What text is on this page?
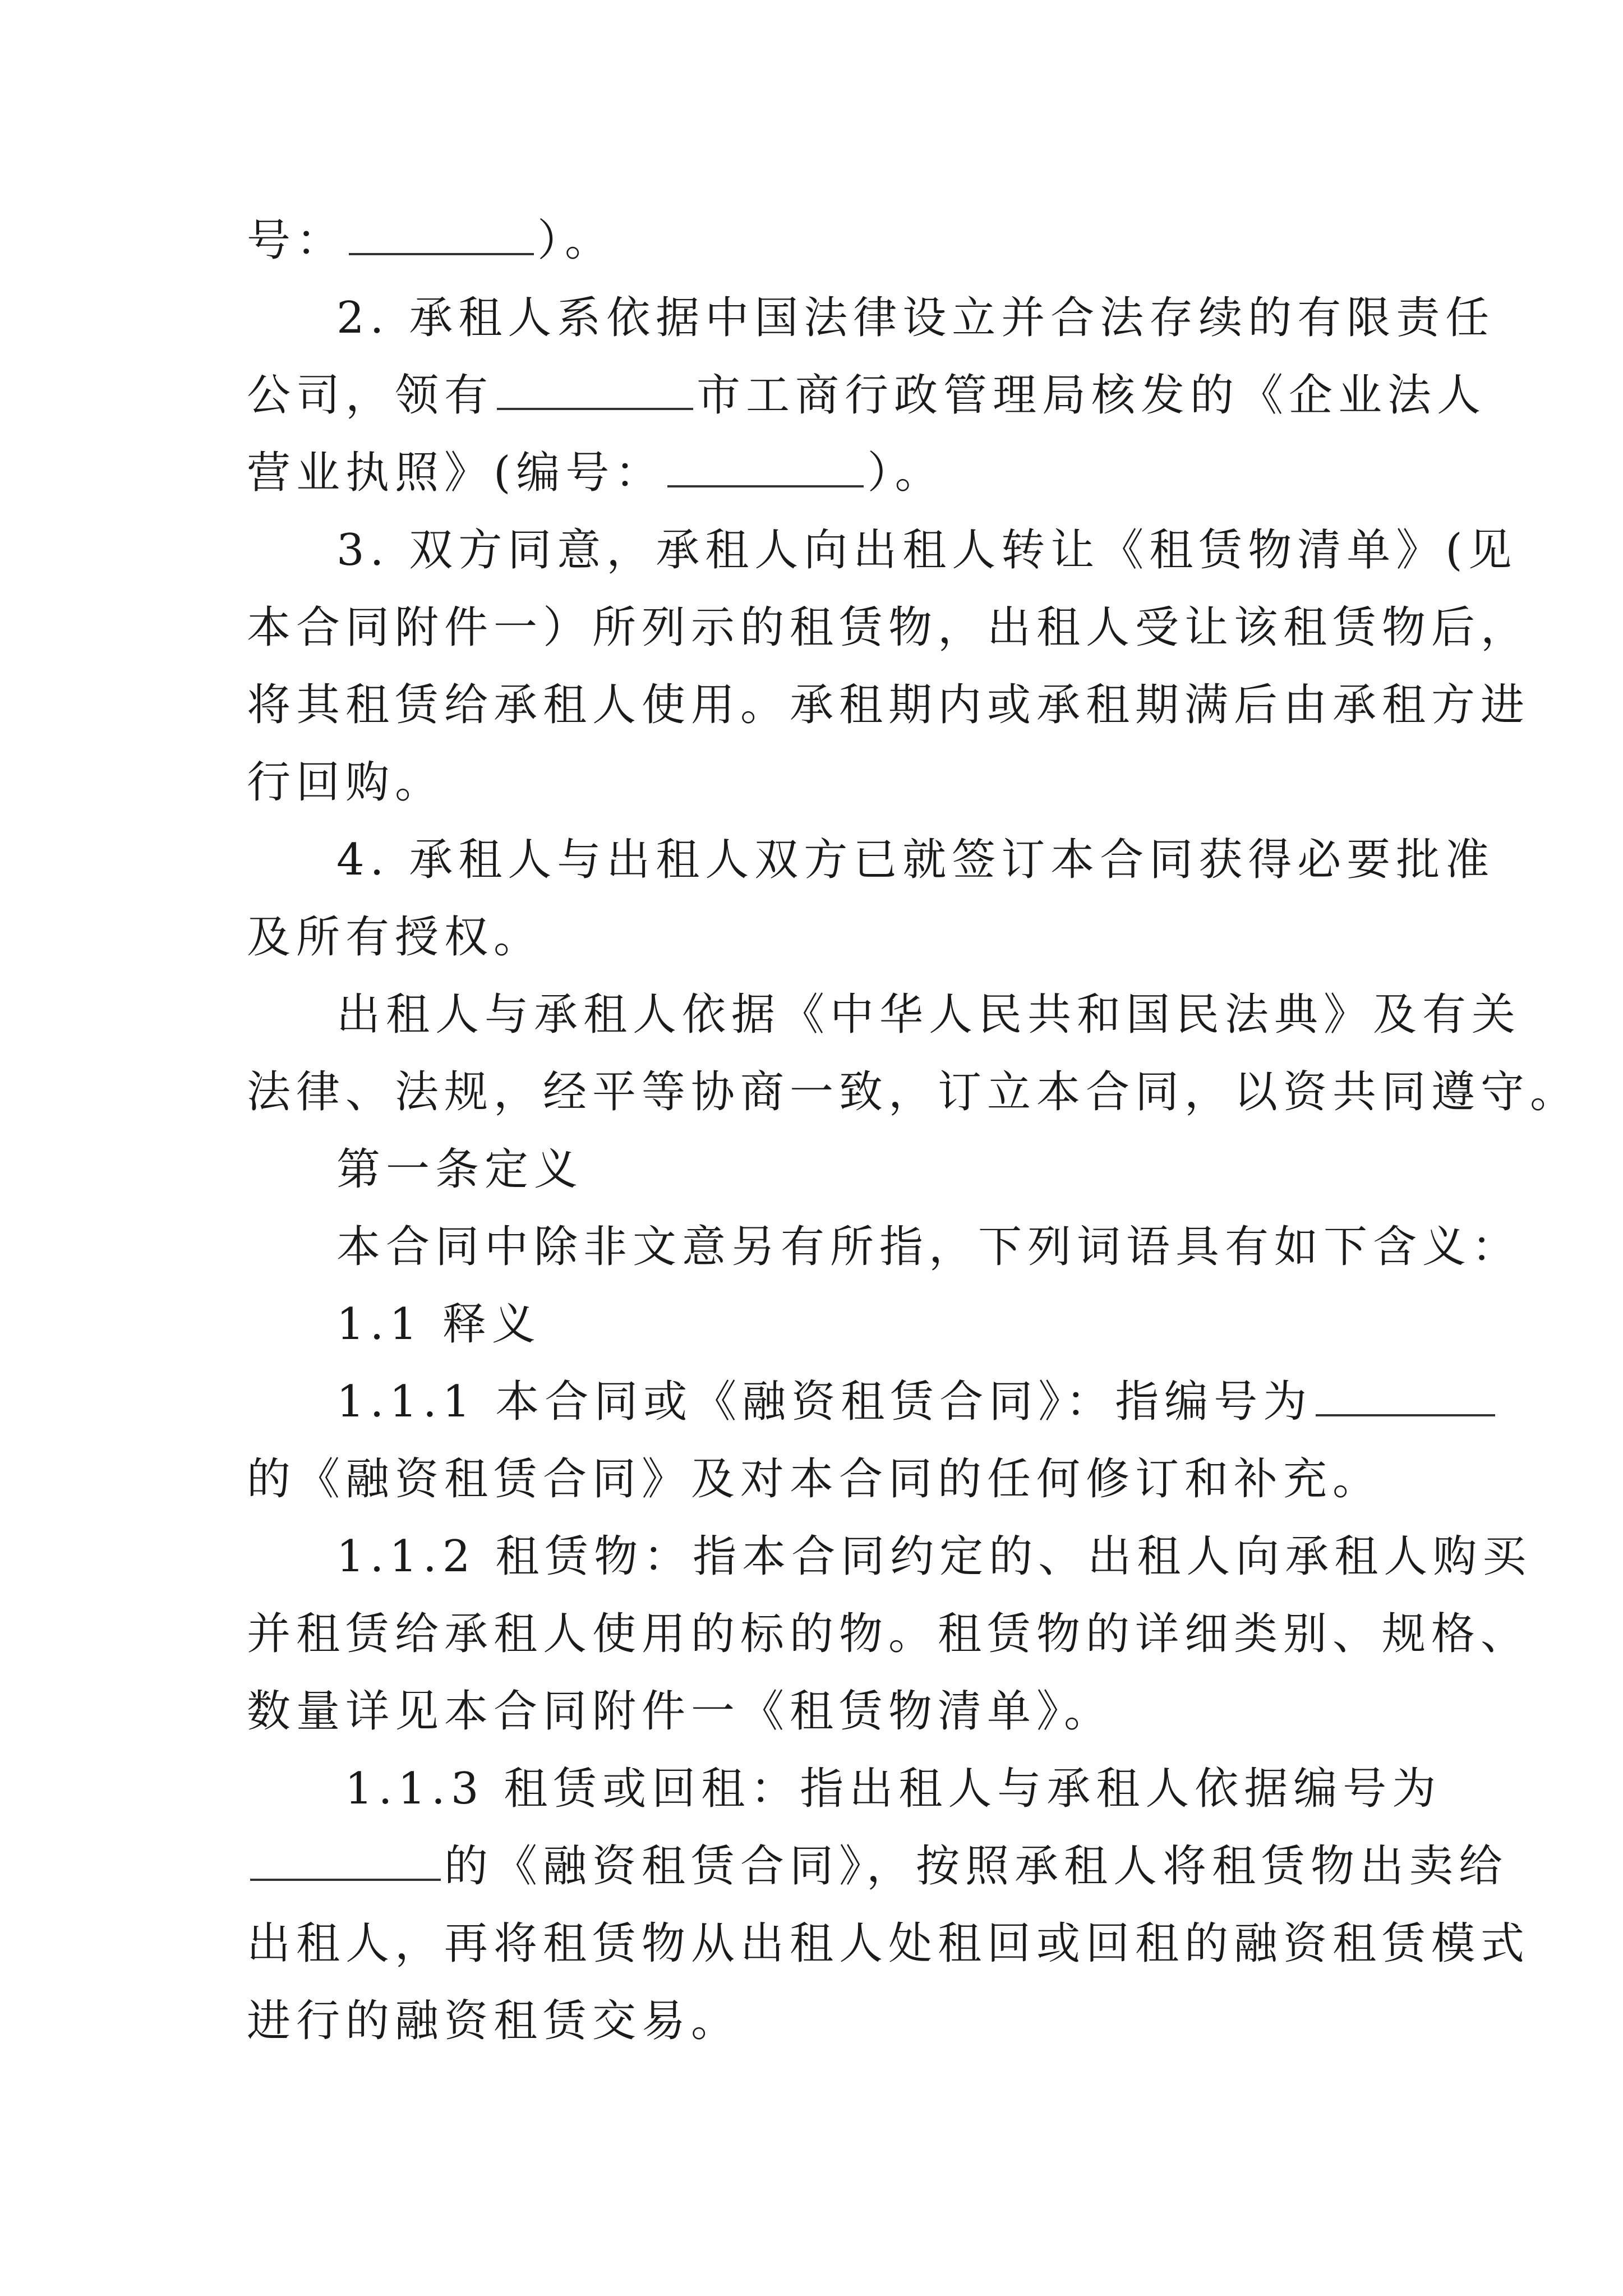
号：	）。
2. 承租人系依据中国法律设立并合法存续的有限责任
公司，领有	市工商行政管理局核发的《企业法人
营业执照》(编号：	）。
3. 双方同意，承租人向出租人转让《租赁物清单》(见
本合同附件一）所列示的租赁物，出租人受让该租赁物后，
将其租赁给承租人使用。承租期内或承租期满后由承租方进
行回购。
4. 承租人与出租人双方已就签订本合同获得必要批准
及所有授权。
出租人与承租人依据《中华人民共和国民法典》及有关
法律、法规，经平等协商一致，订立本合同，以资共同遵守。
第一条定义
本合同中除非文意另有所指，下列词语具有如下含义：
1.1 释义
1.1.1 本合同或《融资租赁合同》：指编号为
的《融资租赁合同》及对本合同的任何修订和补充。
1.1.2 租赁物：指本合同约定的、出租人向承租人购买
并租赁给承租人使用的标的物。租赁物的详细类别、规格、
数量详见本合同附件一《租赁物清单》。
1.1.3 租赁或回租：指出租人与承租人依据编号为
的《融资租赁合同》，按照承租人将租赁物出卖给
出租人，再将租赁物从出租人处租回或回租的融资租赁模式
进行的融资租赁交易。
